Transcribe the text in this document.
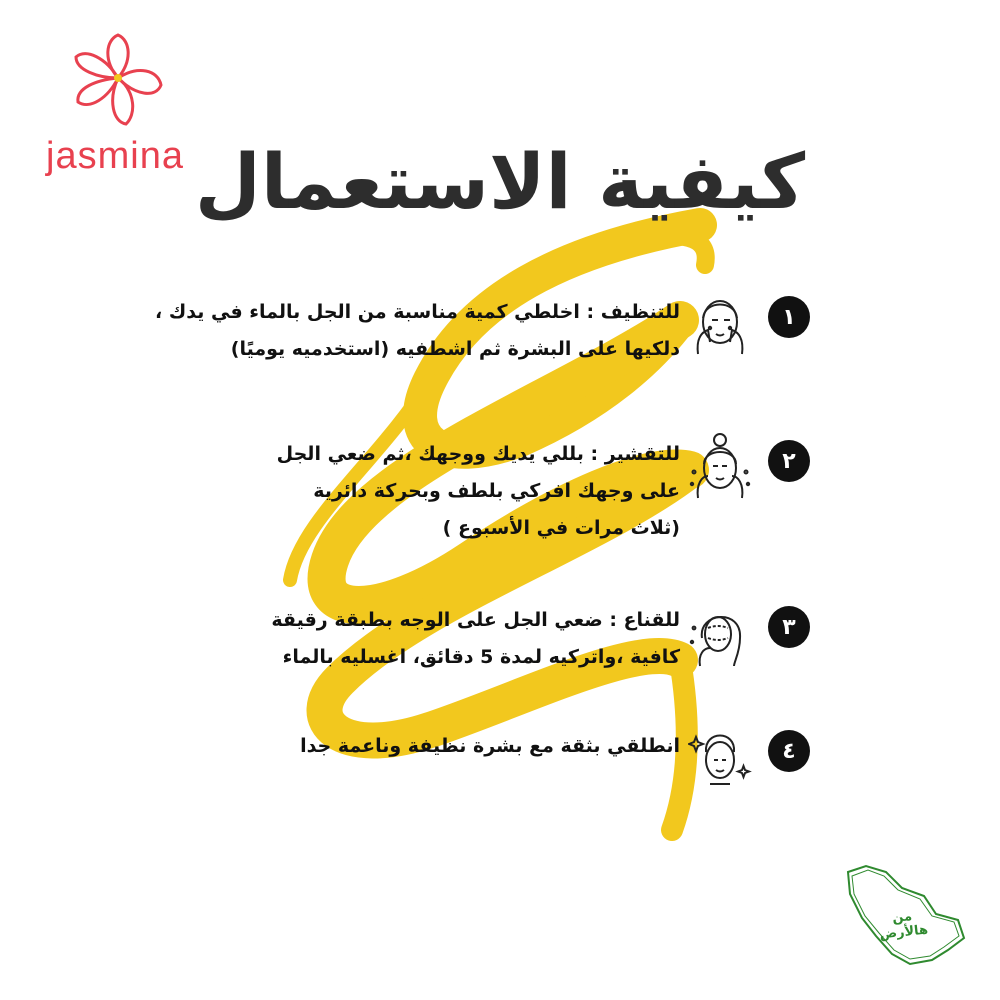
jasmina كيفية الاستعمال
١
للتنظيف : اخلطي كمية مناسبة من الجل بالماء في يدك ،
دلكيها على البشرة ثم اشطفيه (استخدميه يوميًا)
٢
للتقشير : بللي يديك ووجهك ،ثم ضعي الجل
على وجهك افركي بلطف وبحركة دائرية
(ثلاث مرات في الأسبوع )
٣
للقناع : ضعي الجل على الوجه بطبقة رقيقة
كافية ،واتركيه لمدة 5 دقائق، اغسليه بالماء
٤
انطلقي بثقة مع بشرة نظيفة وناعمة جدا
من هالأرض
